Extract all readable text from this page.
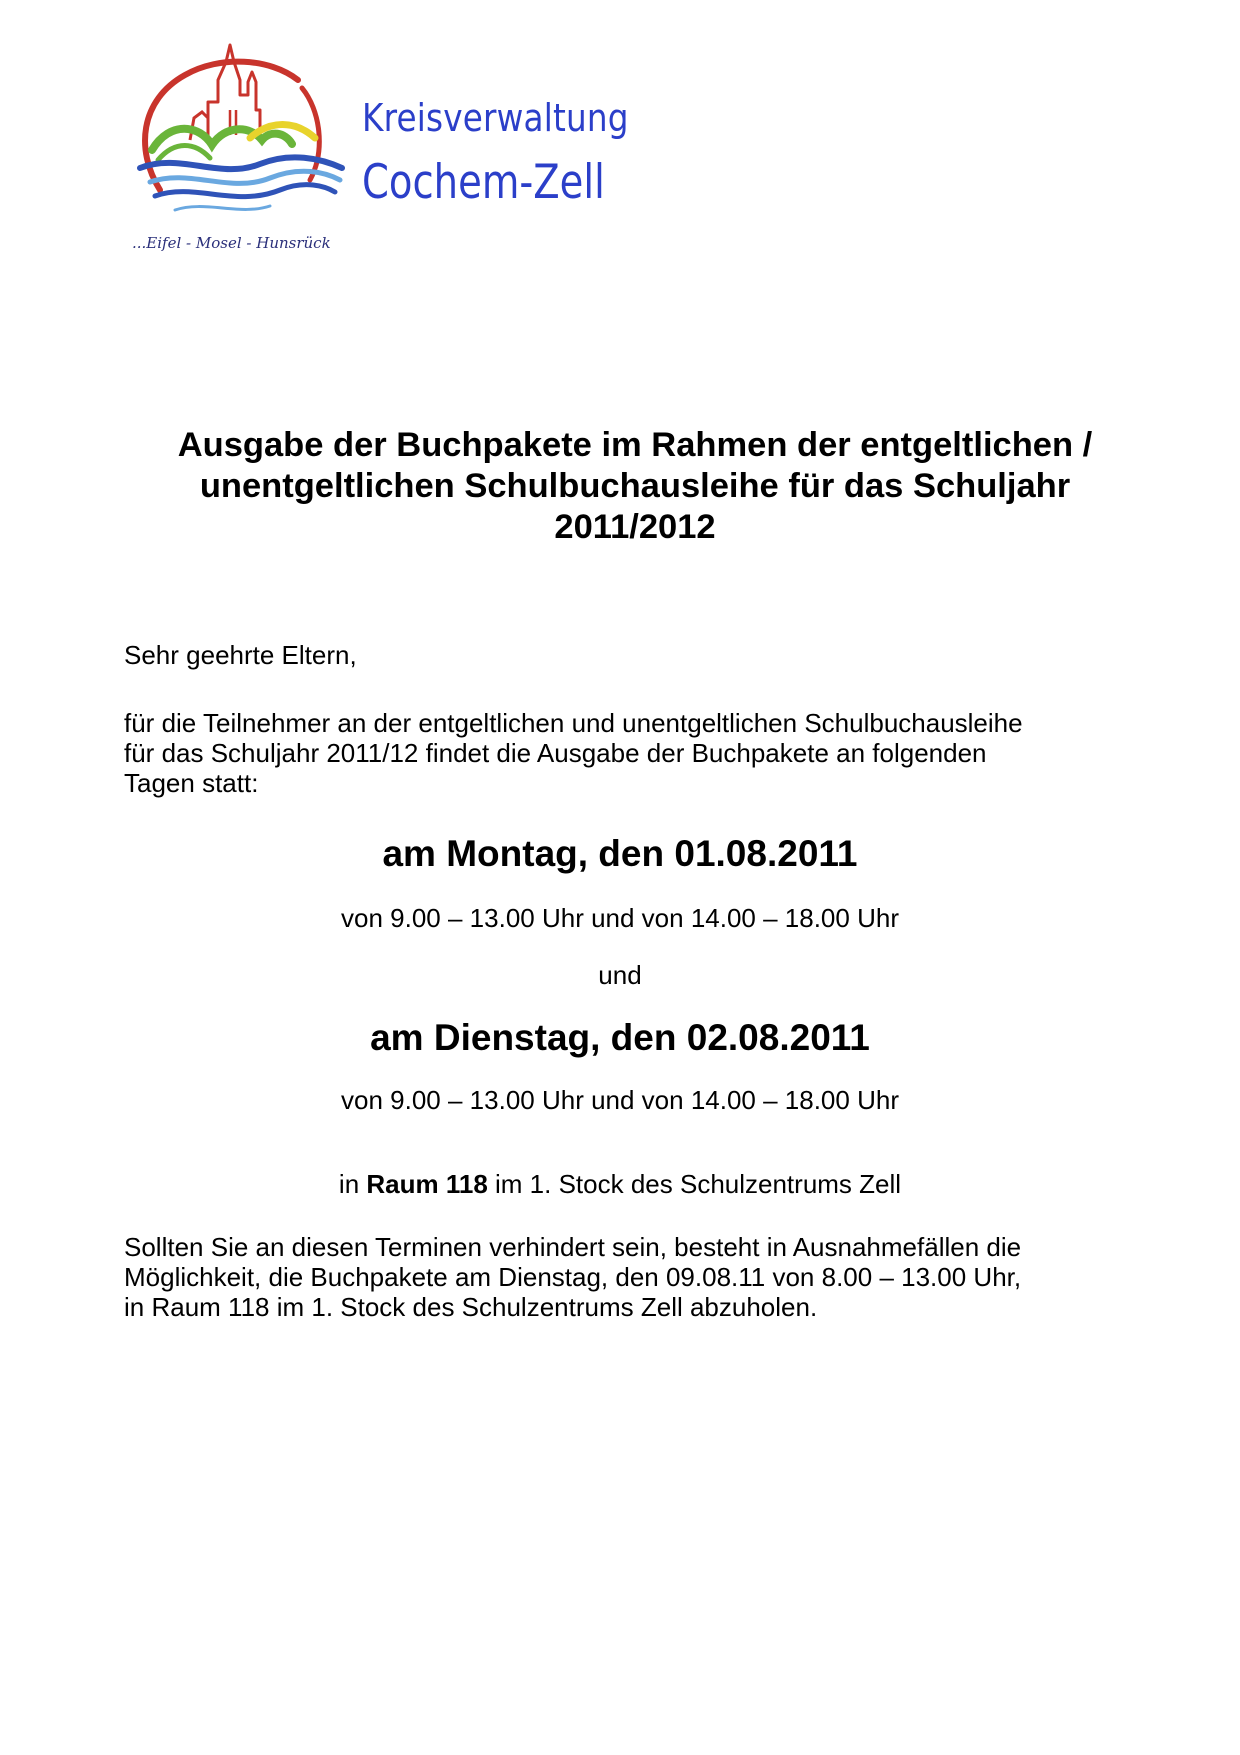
Kreisverwaltung
Cochem-Zell
...Eifel - Mosel - Hunsrück
Ausgabe der Buchpakete im Rahmen der entgeltlichen /
unentgeltlichen Schulbuchausleihe für das Schuljahr
2011/2012
Sehr geehrte Eltern,
für die Teilnehmer an der entgeltlichen und unentgeltlichen Schulbuchausleihe
für das Schuljahr 2011/12 findet die Ausgabe der Buchpakete an folgenden
Tagen statt:
am Montag, den 01.08.2011
von 9.00 – 13.00 Uhr und von 14.00 – 18.00 Uhr
und
am Dienstag, den 02.08.2011
von 9.00 – 13.00 Uhr und von 14.00 – 18.00 Uhr
in Raum 118 im 1. Stock des Schulzentrums Zell
Sollten Sie an diesen Terminen verhindert sein, besteht in Ausnahmefällen die
Möglichkeit, die Buchpakete am Dienstag, den 09.08.11 von 8.00 – 13.00 Uhr,
in Raum 118 im 1. Stock des Schulzentrums Zell abzuholen.
